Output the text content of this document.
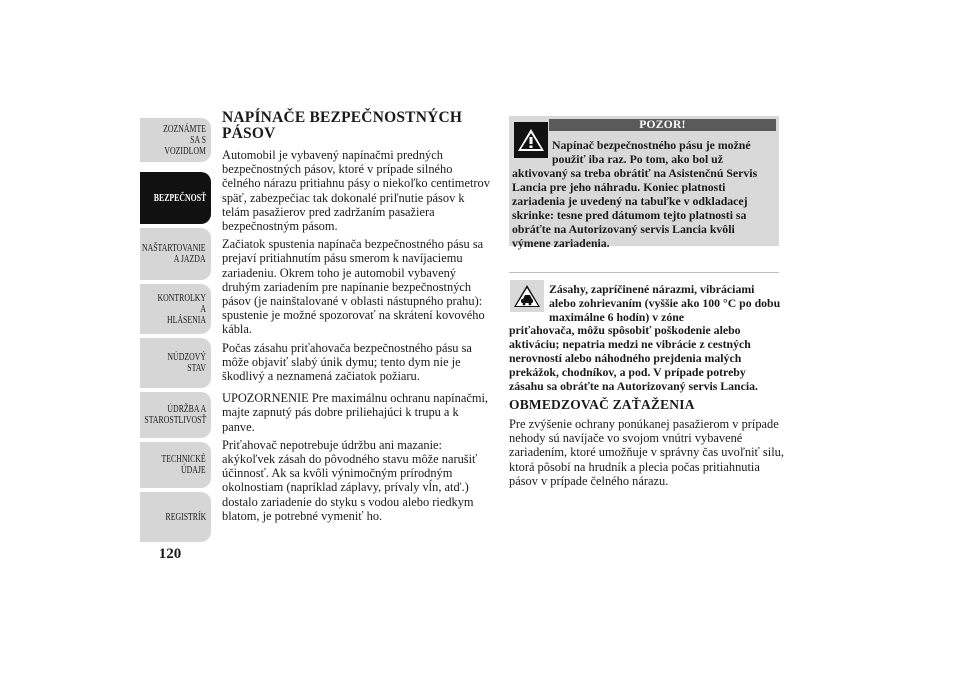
ZOZNÁMTE SA S
VOZIDLOM
BEZPEČNOSŤ
NAŠTARTOVANIE
A JAZDA
KONTROLKY A
HLÁSENIA
NÚDZOVÝ STAV
ÚDRŽBA A
STAROSTLIVOSŤ
TECHNICKÉ
ÚDAJE
REGISTRÍK
120
NAPÍNAČE BEZPEČNOSTNÝCH PÁSOV

Automobil je vybavený napínačmi predných bezpečnostných pásov, ktoré v prípade silného čelného nárazu pritiahnu pásy o niekoľko centimetrov späť, zabezpečiac tak dokonalé priľnutie pásov k telám pasažierov pred zadržaním pasažiera bezpečnostným pásom.

Začiatok spustenia napínača bezpečnostného pásu sa prejaví pritiahnutím pásu smerom k navíjaciemu zariadeniu. Okrem toho je automobil vybavený druhým zariadením pre napínanie bezpečnostných pásov (je nainštalované v oblasti nástupného prahu): spustenie je možné spozorovať na skrátení kovového kábla.

Počas zásahu priťahovača bezpečnostného pásu sa môže objaviť slabý únik dymu; tento dym nie je škodlivý a neznamená začiatok požiaru.

UPOZORNENIE Pre maximálnu ochranu napínačmi, majte zapnutý pás dobre priliehajúci k trupu a k panve.

Priťahovač nepotrebuje údržbu ani mazanie: akýkoľvek zásah do pôvodného stavu môže narušiť účinnosť. Ak sa kvôli výnimočným prírodným okolnostiam (napríklad záplavy, prívaly vĺn, atď.) dostalo zariadenie do styku s vodou alebo riedkym blatom, je potrebné vymeniť ho.

POZOR!
Napínač bezpečnostného pásu je možné použiť iba raz. Po tom, ako bol už
aktivovaný sa treba obrátiť na Asistenčnú Servis Lancia pre jeho náhradu. Koniec platnosti zariadenia je uvedený na tabuľke v odkladacej skrinke: tesne pred dátumom tejto platnosti sa obráťte na Autorizovaný servis Lancia kvôli výmene zariadenia.
Zásahy, zapríčinené nárazmi, vibráciami alebo zohrievaním (vyššie ako 100 °C po dobu maximálne 6 hodín) v zóne
priťahovača, môžu spôsobiť poškodenie alebo aktiváciu; nepatria medzi ne vibrácie z cestných nerovností alebo náhodného prejdenia malých prekážok, chodníkov, a pod. V prípade potreby zásahu sa obráťte na Autorizovaný servis Lancia.
OBMEDZOVAČ ZAŤAŽENIA

Pre zvýšenie ochrany ponúkanej pasažierom v prípade nehody sú navíjače vo svojom vnútri vybavené zariadením, ktoré umožňuje v správny čas uvoľniť silu, ktorá pôsobí na hrudník a plecia počas pritiahnutia pásov v prípade čelného nárazu.
